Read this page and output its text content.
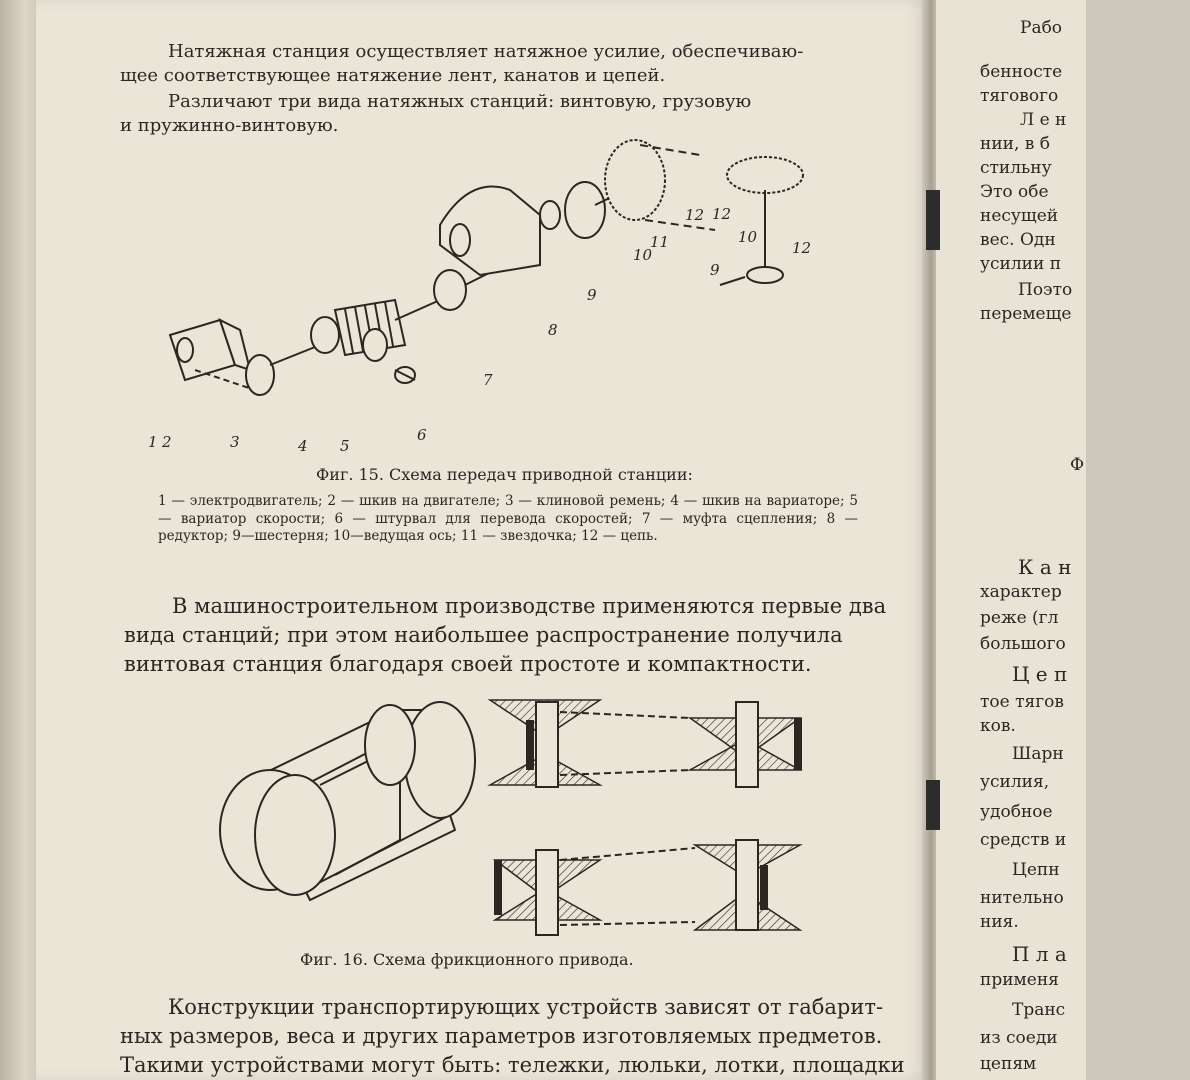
Натяжная станция осуществляет натяжное усилие, обеспечиваю-
щее соответствующее натяжение лент, канатов и цепей.

Различают три вида натяжных станций: винтовую, грузовую
и пружинно-винтовую.

1 2	3	4 5
6
7
8
9
10
11
12 12
10
12
9
Фиг. 15. Схема передач приводной станции:

1 — электродвигатель; 2 — шкив на двигателе; 3 — клиновой ремень; 4 — шкив на вариаторе; 5 — вариатор скорости; 6 — штурвал для перевода скоростей; 7 — муфта сцепления; 8 — редуктор; 9—шестерня; 10—ведущая ось; 11 — звездочка; 12 — цепь.

В машиностроительном производстве применяются первые два
вида станций; при этом наибольшее распространение получила
винтовая станция благодаря своей простоте и компактности.

Фиг. 16. Схема фрикционного привода.

Конструкции транспортирующих устройств зависят от габарит-
ных размеров, веса и других параметров изготовляемых предметов.
Такими устройствами могут быть: тележки, люльки, лотки, площадки

Рабо
бенносте
тягового
Л е н
нии, в б
стильну
Это обе
несущей
вес. Одн
усилии п
Поэто
перемеще
Ф
К а н
характер
реже (гл
большого
Ц е п
тое тягов
ков.
Шарн
усилия,
удобное
средств и
Цепн
нительно
ния.
П л а
применя
Транс
из соеди
цепям
